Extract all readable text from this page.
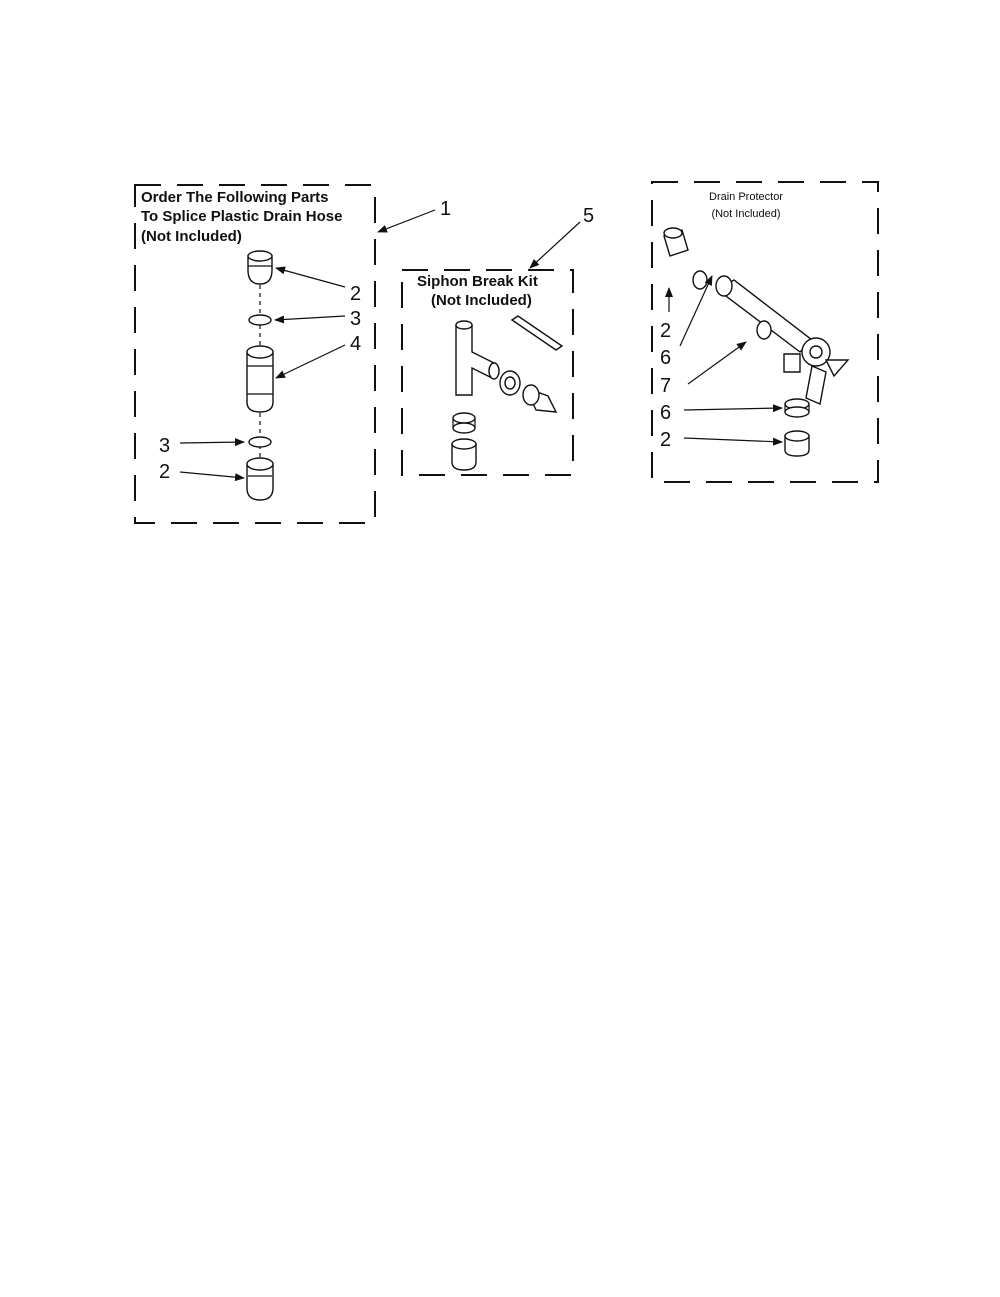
Order The Following Parts
To Splice Plastic Drain Hose
(Not Included)
2
3
4
3
2
1
Siphon Break Kit
(Not Included)
5
Drain Protector
(Not Included)
2
6
7
6
2
